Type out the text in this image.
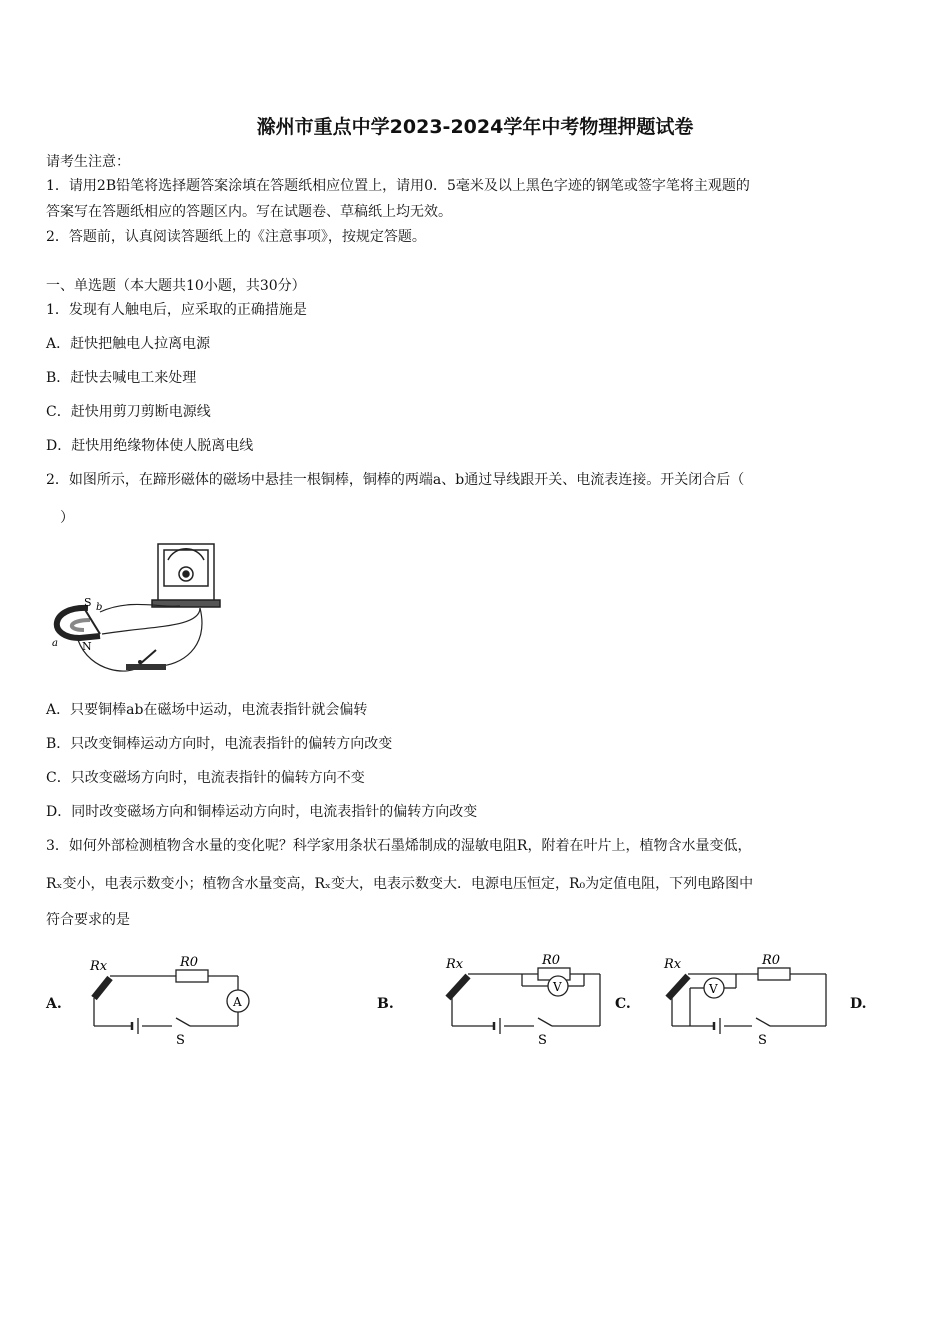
滁州市重点中学2023-2024学年中考物理押题试卷
请考生注意：
1．请用2B铅笔将选择题答案涂填在答题纸相应位置上，请用0．5毫米及以上黑色字迹的钢笔或签字笔将主观题的
答案写在答题纸相应的答题区内。写在试题卷、草稿纸上均无效。
2．答题前，认真阅读答题纸上的《注意事项》，按规定答题。
一、单选题（本大题共10小题，共30分）
1．发现有人触电后，应采取的正确措施是
A．赶快把触电人拉离电源
B．赶快去喊电工来处理
C．赶快用剪刀剪断电源线
D．赶快用绝缘物体使人脱离电线
2．如图所示，在蹄形磁体的磁场中悬挂一根铜棒，铜棒的两端a、b通过导线跟开关、电流表连接。开关闭合后（
）
S b
a N
A．只要铜棒ab在磁场中运动，电流表指针就会偏转
B．只改变铜棒运动方向时，电流表指针的偏转方向改变
C．只改变磁场方向时，电流表指针的偏转方向不变
D．同时改变磁场方向和铜棒运动方向时，电流表指针的偏转方向改变
3．如何外部检测植物含水量的变化呢？科学家用条状石墨烯制成的湿敏电阻R，附着在叶片上，植物含水量变低，
Rₓ变小，电表示数变小；植物含水量变高，Rₓ变大，电表示数变大．电源电压恒定，R₀为定值电阻，下列电路图中
符合要求的是
A.	B.	C.	D.
Rx	R0
A
S
Rx	R0
V
S
Rx	R0
V
S
